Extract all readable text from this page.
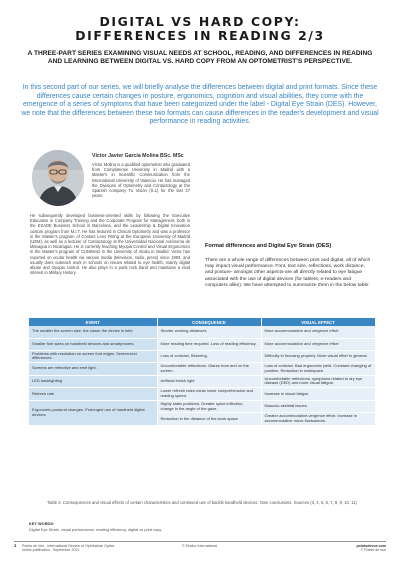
DIGITAL VS HARD COPY:
DIFFERENCES IN READING 2/3
A THREE-PART SERIES EXAMINING VISUAL NEEDS AT SCHOOL, READING, AND DIFFERENCES IN READING AND LEARNING BETWEEN DIGITAL VS. HARD COPY FROM AN OPTOMETRIST'S PERSPECTIVE.
In this second part of our series, we will briefly analyse the differences between digital and print formats. Since these differences cause certain changes in posture, ergonomics, cognition and visual abilities, they come with the emergence of a series of symptoms that have been categorized under the label - Digital Eye Strain (DES). However, we note that the differences between these two formats can cause differences in the reader's development and visual performance in reading activities.
Víctor Javier García Molina BSc. MSc
Víctor Molina is a qualified optometrist who graduated from Complutense University in Madrid with a Master's in Scientific Communication from the International University of Valencia. He has managed the Divisions of Optometry and Contactology at the Spanish company Tu Visión (S.L) for the last 27 years.
He subsequently developed business-oriented skills by following the Executive Education in Company Training and the Corporate Program for Management, both in the ESADE Business School in Barcelona, and the Leadership & Digital Innovation custom program from M.I.T. He has lectured in Clinical Optometry and was a professor in the Master's program of Contact Lens Fitting at the European University of Madrid (UEM), as well as a lecturer of Contactology at the Universidad Nacional Autónoma de Managua in Nicaragua. He is currently teaching Myopia Control and Visual Ergonomics in the Master's program of CUNIMAD in the University of Alcala in Madrid. Victor has reported on ocular health via various media (television, radio, press) since 1993, and usually does outreach work in schools on issues related to eye health, mainly digital abuse and myopia control. He also plays in a punk rock band and maintains a vivid interest in Military History.
Format differences and Digital Eye Strain (DES)
There are a whole range of differences between print and digital, all of which may impact visual performance. Font, text size, reflections, work distance, and posture- amongst other aspects-are all directly related to eye fatigue associated with the use of digital devices (for tablets, e-readers and computers alike). We have attempted to summarize them in the below table:
EVENT	CONSEQUENCE	VISUAL EFFECT
The smaller the screen size, the closer the device is held	Shorter working distances	More accommodation and vergence effort
Smaller font sizes on handheld devices and smartphones.	More reading time required. Loss of reading efficiency.	More accommodation and vergence effort
Problems with resolution on screen font edges. Screen-text differences.	Loss of contrast, flickering.	Difficulty in focusing properly. More visual effort in general.
Screens are reflective and emit light.	Uncomfortable reflections. Glares from and on the screen.	Loss of contrast. Bad ergonomic yield. Constant changing of position. Reduction in workspace.
LED backlighting	Artificial bluish light	Uncomfortable reflections, symptoms related to dry eye disease (DED) and more visual fatigue.
Refresh rate	Lower refresh rates mean lower comprehension and reading speed.	Increase in visual fatigue
Ergonomic-postural changes. Prolonged use of handheld digital devices	Highly static positions. Greater spine inflection, change in the angle of the gaze.	Musculo-skeletal issues.
	Reduction in the distance of the work space	Greater accommodative-vergence effort. Increase in accommodative micro-fluctuations.
Table 2. Consequences and visual effects of certain characteristics and continued use of backlit handheld devices. Own conclusions. Sources (3, 4, 5, 6, 7, 8, 9, 10, 11)
KEY WORDS:
Digital Eye Strain, visual performance, reading efficiency, digital vs print copy.
1 Points de Vue - International Review of Ophthalmic Optics
online publication - September 2021
© Essilor International	pointsdevue.com
© Points de vue
